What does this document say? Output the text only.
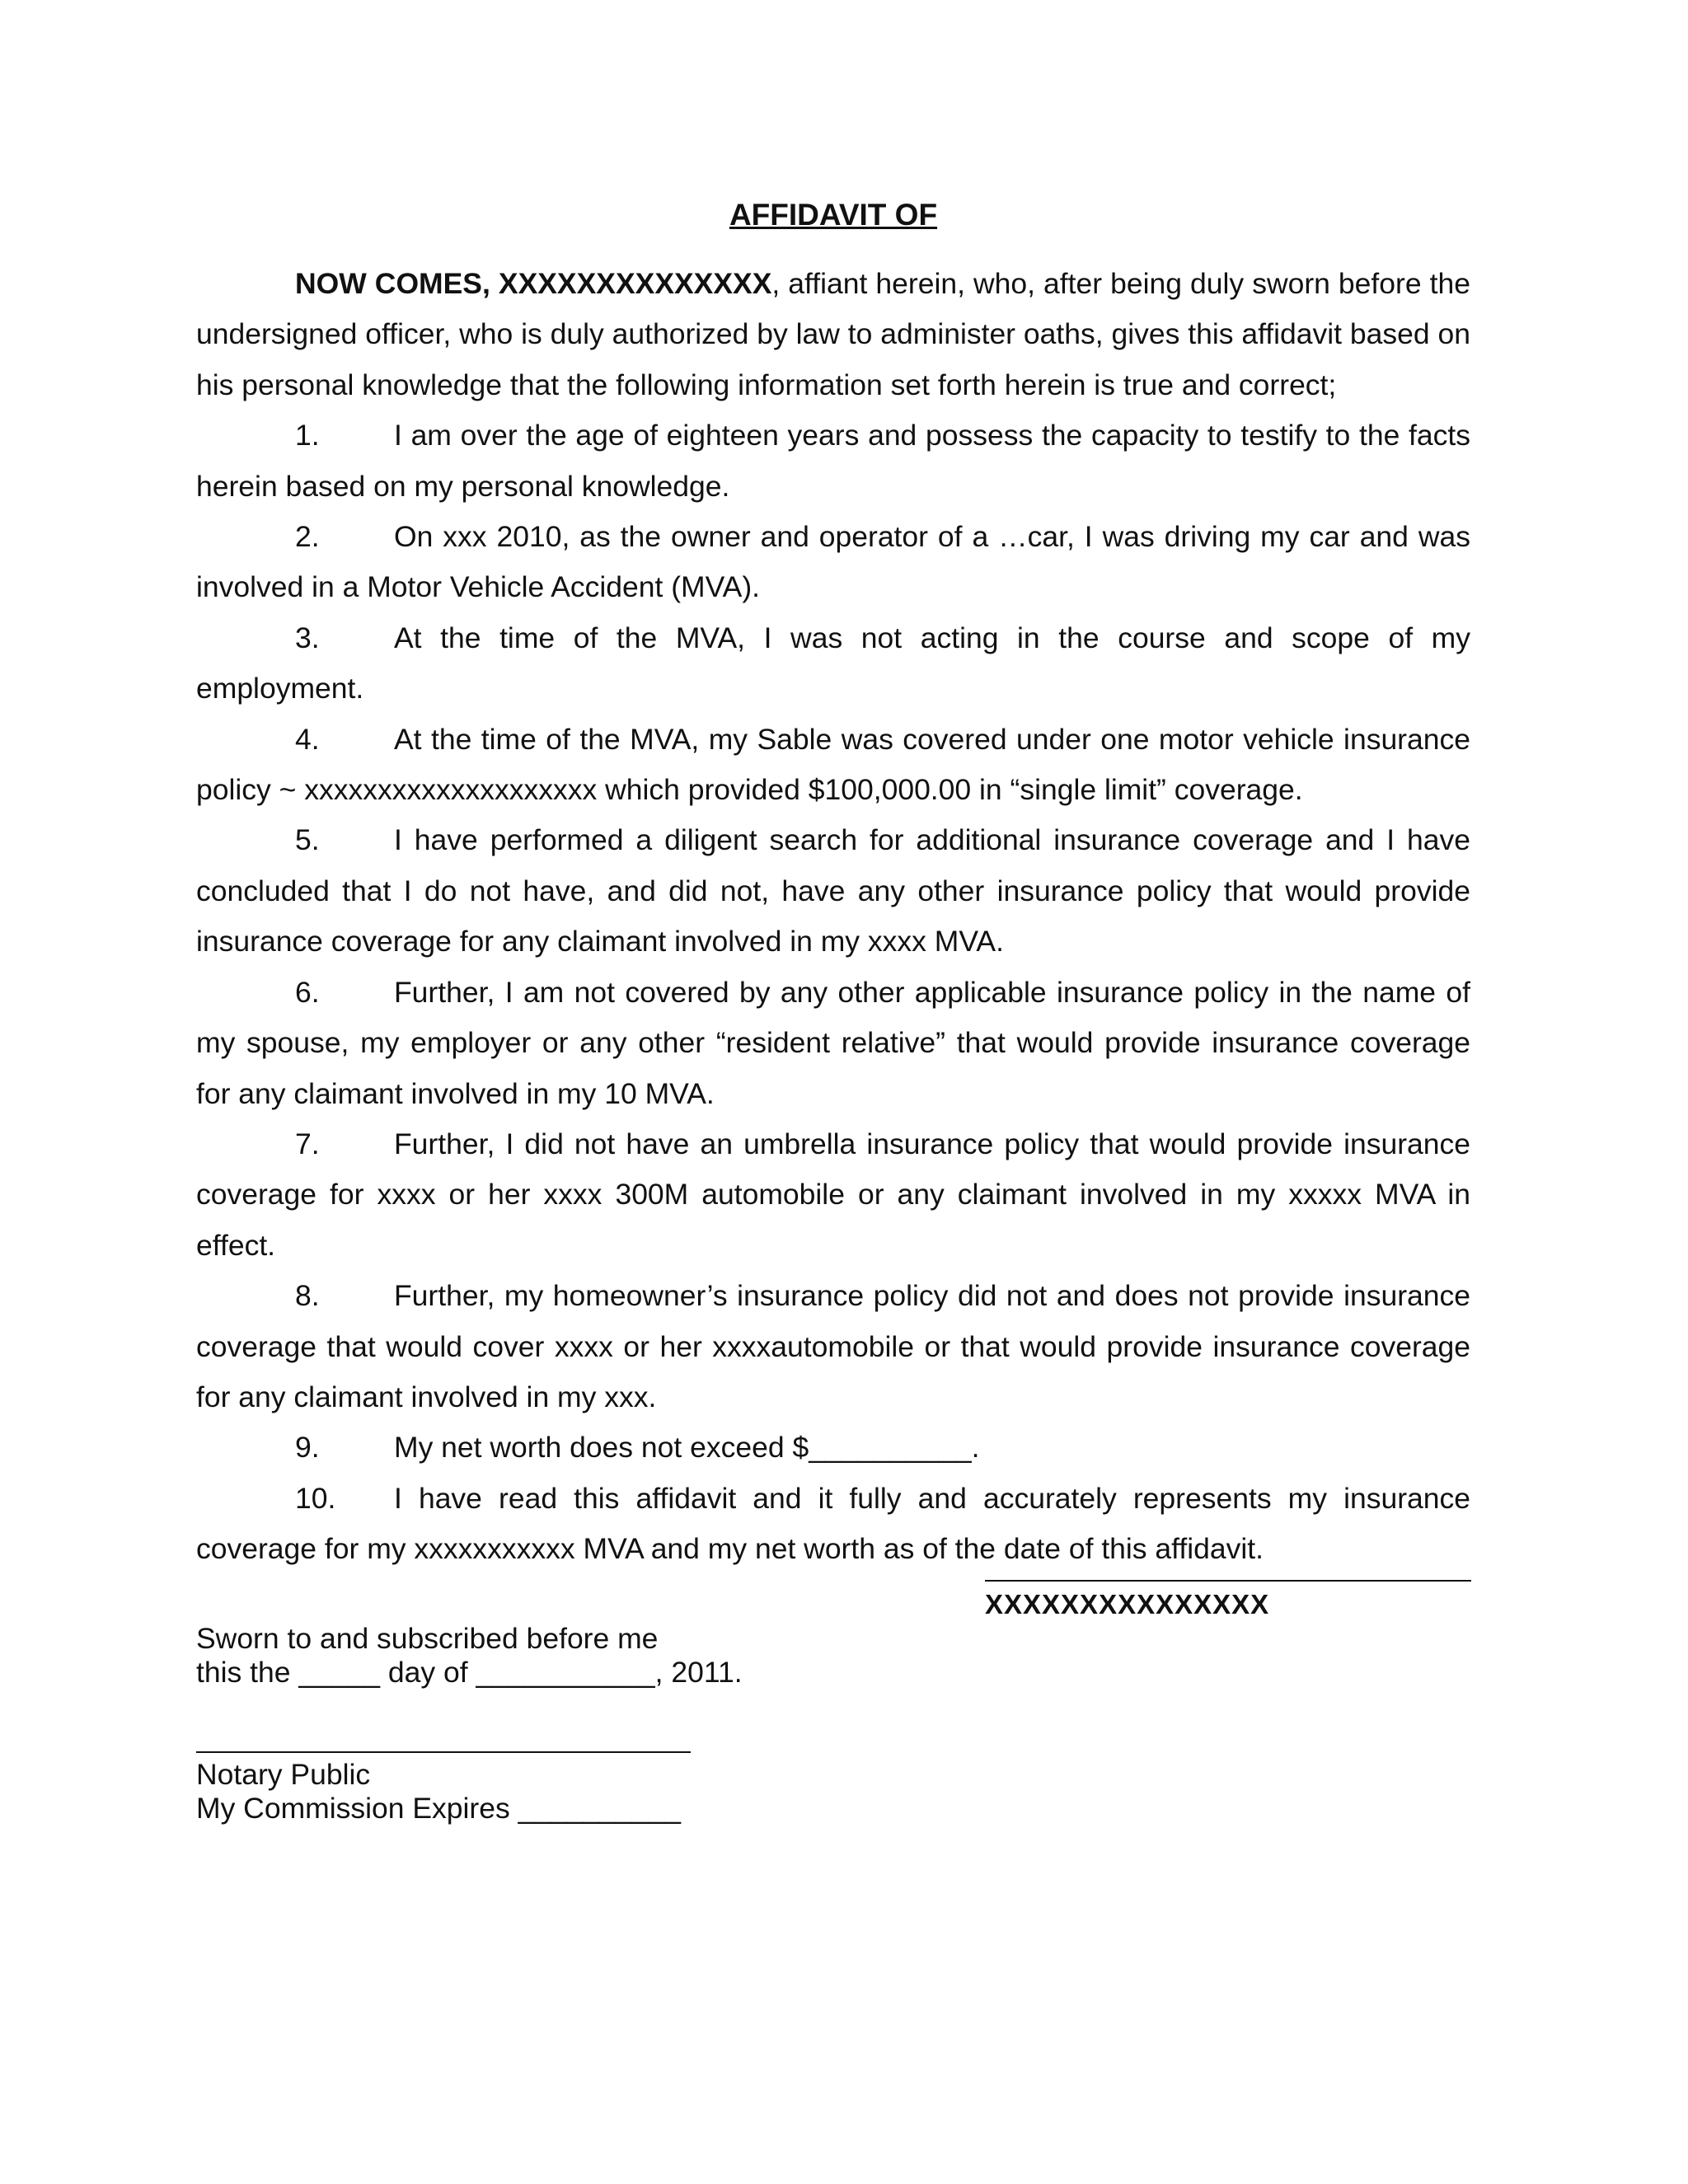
AFFIDAVIT OF

NOW COMES, XXXXXXXXXXXXXX, affiant herein, who, after being duly sworn before the undersigned officer, who is duly authorized by law to administer oaths, gives this affidavit based on his personal knowledge that the following information set forth herein is true and correct;

1.	I am over the age of eighteen years and possess the capacity to testify to the facts herein based on my personal knowledge.

2.	On xxx 2010, as the owner and operator of a …car, I was driving my car and was involved in a Motor Vehicle Accident (MVA).

3.	At the time of the MVA, I was not acting in the course and scope of my employment.

4.	At the time of the MVA, my Sable was covered under one motor vehicle insurance policy ~ xxxxxxxxxxxxxxxxxxxx which provided $100,000.00 in “single limit” coverage.

5.	I have performed a diligent search for additional insurance coverage and I have concluded that I do not have, and did not, have any other insurance policy that would provide insurance coverage for any claimant involved in my xxxx MVA.

6.	Further, I am not covered by any other applicable insurance policy in the name of my spouse, my employer or any other “resident relative” that would provide insurance coverage for any claimant involved in my 10 MVA.

7.	Further, I did not have an umbrella insurance policy that would provide insurance coverage for xxxx or her xxxx 300M automobile or any claimant involved in my xxxxx MVA in effect.

8.	Further, my homeowner’s insurance policy did not and does not provide insurance coverage that would cover xxxx or her xxxxautomobile or that would provide insurance coverage for any claimant involved in my xxx.

9.	My net worth does not exceed $__________.

10. I have read this affidavit and it fully and accurately represents my insurance coverage for my xxxxxxxxxxx MVA and my net worth as of the date of this affidavit.

XXXXXXXXXXXXXXX
Sworn to and subscribed before me
this the _____ day of ___________, 2011.
Notary Public
My Commission Expires __________
